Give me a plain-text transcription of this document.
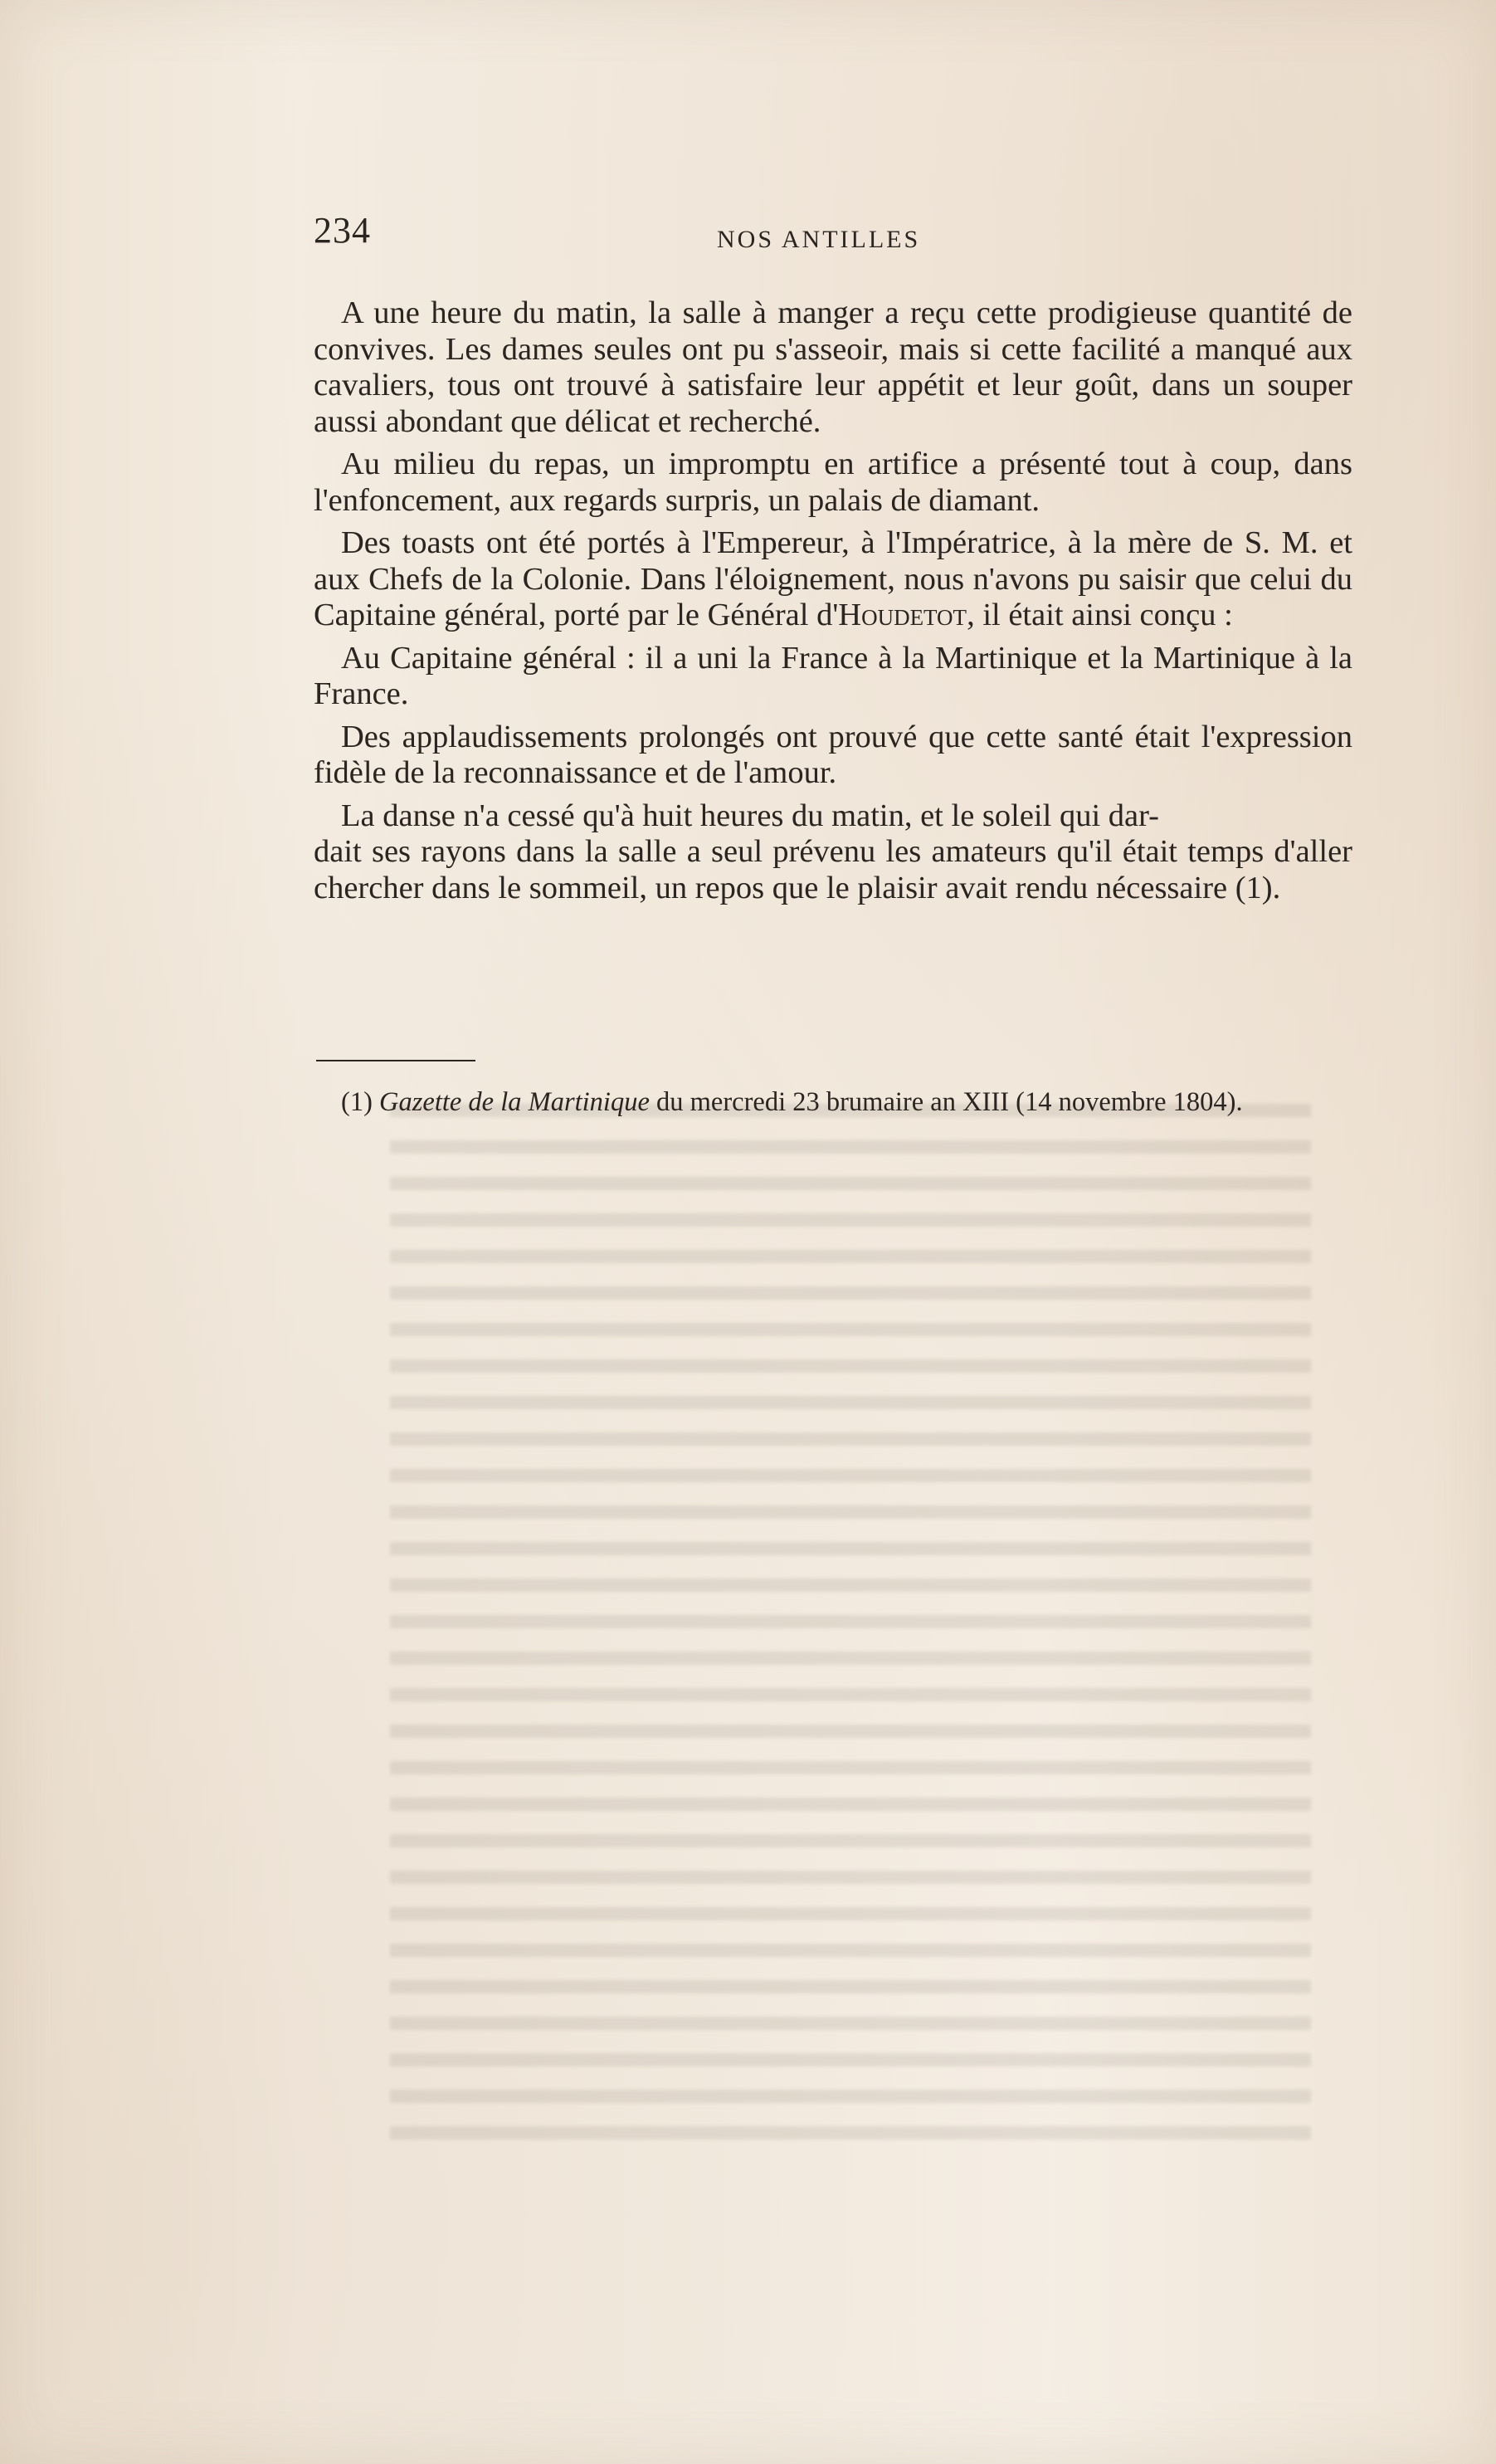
234	NOS ANTILLES

A une heure du matin, la salle à manger a reçu cette prodigieuse quantité de convives. Les dames seules ont pu s'asseoir, mais si cette facilité a manqué aux cavaliers, tous ont trouvé à satisfaire leur appétit et leur goût, dans un souper aussi abondant que délicat et recherché.

Au milieu du repas, un impromptu en artifice a présenté tout à coup, dans l'enfoncement, aux regards surpris, un palais de diamant.

Des toasts ont été portés à l'Empereur, à l'Impératrice, à la mère de S. M. et aux Chefs de la Colonie. Dans l'éloignement, nous n'avons pu saisir que celui du Capitaine général, porté par le Général d'Houdetot, il était ainsi conçu :

Au Capitaine général : il a uni la France à la Martinique et la Martinique à la France.

Des applaudissements prolongés ont prouvé que cette santé était l'expression fidèle de la reconnaissance et de l'amour.

La danse n'a cessé qu'à huit heures du matin, et le soleil qui dar-
dait ses rayons dans la salle a seul prévenu les amateurs qu'il était temps d'aller chercher dans le sommeil, un repos que le plaisir avait rendu nécessaire (1).

(1) Gazette de la Martinique du mercredi 23 brumaire an XIII (14 novembre 1804).
